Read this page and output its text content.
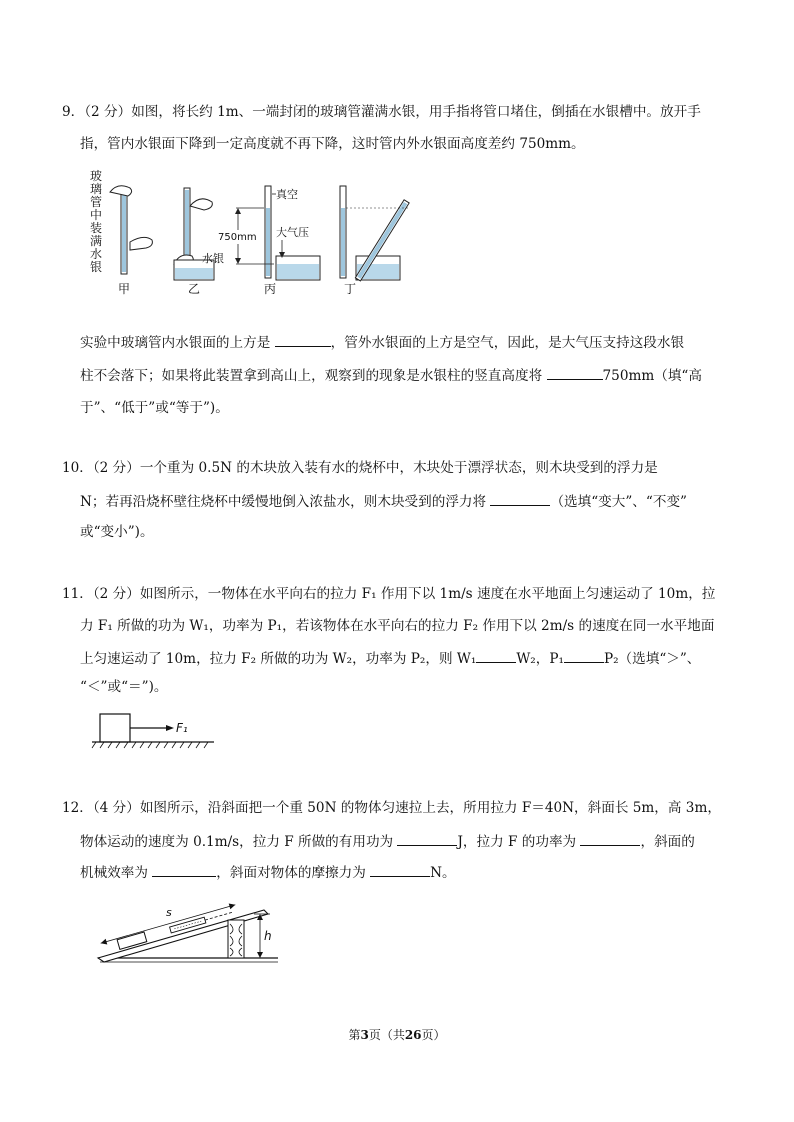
9．（2 分）如图，将长约 1m、一端封闭的玻璃管灌满水银，用手指将管口堵住，倒插在水银槽中。放开手
指，管内水银面下降到一定高度就不再下降，这时管内外水银面高度差约 750mm。
玻
璃
管
中
装
满
水
银
水银
750mm
真空
大气压
甲	乙	丙	丁
实验中玻璃管内水银面的上方是	，管外水银面的上方是空气，因此，是大气压支持这段水银
柱不会落下；如果将此装置拿到高山上，观察到的现象是水银柱的竖直高度将	750mm（填“高
于”、“低于”或“等于”)。
10．（2 分）一个重为 0.5N 的木块放入装有水的烧杯中，木块处于漂浮状态，则木块受到的浮力是
N；若再沿烧杯壁往烧杯中缓慢地倒入浓盐水，则木块受到的浮力将	（选填“变大”、“不变”
或“变小”)。
11．（2 分）如图所示，一物体在水平向右的拉力 F₁ 作用下以 1m/s 速度在水平地面上匀速运动了 10m，拉
力 F₁ 所做的功为 W₁，功率为 P₁，若该物体在水平向右的拉力 F₂ 作用下以 2m/s 的速度在同一水平地面
上匀速运动了 10m，拉力 F₂ 所做的功为 W₂，功率为 P₂，则 W₁	W₂，P₁	P₂（选填“＞”、
“＜”或“＝”)。
F₁
12．（4 分）如图所示，沿斜面把一个重 50N 的物体匀速拉上去，所用拉力 F＝40N，斜面长 5m，高 3m，
物体运动的速度为 0.1m/s，拉力 F 所做的有用功为	J，拉力 F 的功率为	，斜面的
机械效率为	，斜面对物体的摩擦力为	N。
s
h
第3页（共26页）
